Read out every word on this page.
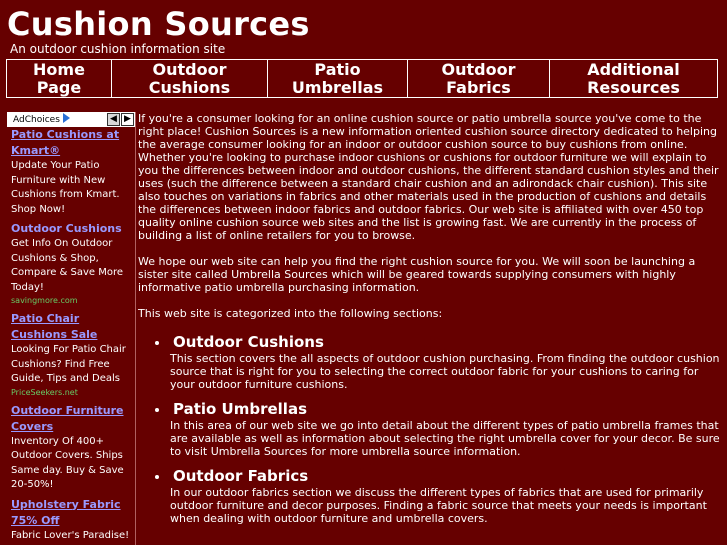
Cushion Sources
An outdoor cushion information site
Home Page	Outdoor Cushions	Patio Umbrellas	Outdoor Fabrics	Additional Resources
AdChoices	◀ ▶
Patio Cushions at Kmart®
Update Your Patio Furniture with New Cushions from Kmart. Shop Now!
Outdoor Cushions
Get Info On Outdoor Cushions & Shop, Compare & Save More Today!
savingmore.com
Patio Chair Cushions Sale
Looking For Patio Chair Cushions? Find Free Guide, Tips and Deals
PriceSeekers.net
Outdoor Furniture Covers
Inventory Of 400+ Outdoor Covers. Ships Same day. Buy & Save 20-50%!
Upholstery Fabric 75% Off
Fabric Lover's Paradise!

If you're a consumer looking for an online cushion source or patio umbrella source you've come to the right place! Cushion Sources is a new information oriented cushion source directory dedicated to helping the average consumer looking for an indoor or outdoor cushion source to buy cushions from online. Whether you're looking to purchase indoor cushions or cushions for outdoor furniture we will explain to you the differences between indoor and outdoor cushions, the different standard cushion styles and their uses (such the difference between a standard chair cushion and an adirondack chair cushion). This site also touches on variations in fabrics and other materials used in the production of cushions and details the differences between indoor fabrics and outdoor fabrics. Our web site is affiliated with over 450 top quality online cushion source web sites and the list is growing fast. We are currently in the process of building a list of online retailers for you to browse.

We hope our web site can help you find the right cushion source for you. We will soon be launching a sister site called Umbrella Sources which will be geared towards supplying consumers with highly informative patio umbrella purchasing information.

This web site is categorized into the following sections:

• Outdoor Cushions
This section covers the all aspects of outdoor cushion purchasing. From finding the outdoor cushion source that is right for you to selecting the correct outdoor fabric for your cushions to caring for your outdoor furniture cushions.
• Patio Umbrellas
In this area of our web site we go into detail about the different types of patio umbrella frames that are available as well as information about selecting the right umbrella cover for your decor. Be sure to visit Umbrella Sources for more umbrella source information.
• Outdoor Fabrics
In our outdoor fabrics section we discuss the different types of fabrics that are used for primarily outdoor furniture and decor purposes. Finding a fabric source that meets your needs is important when dealing with outdoor furniture and umbrella covers.
